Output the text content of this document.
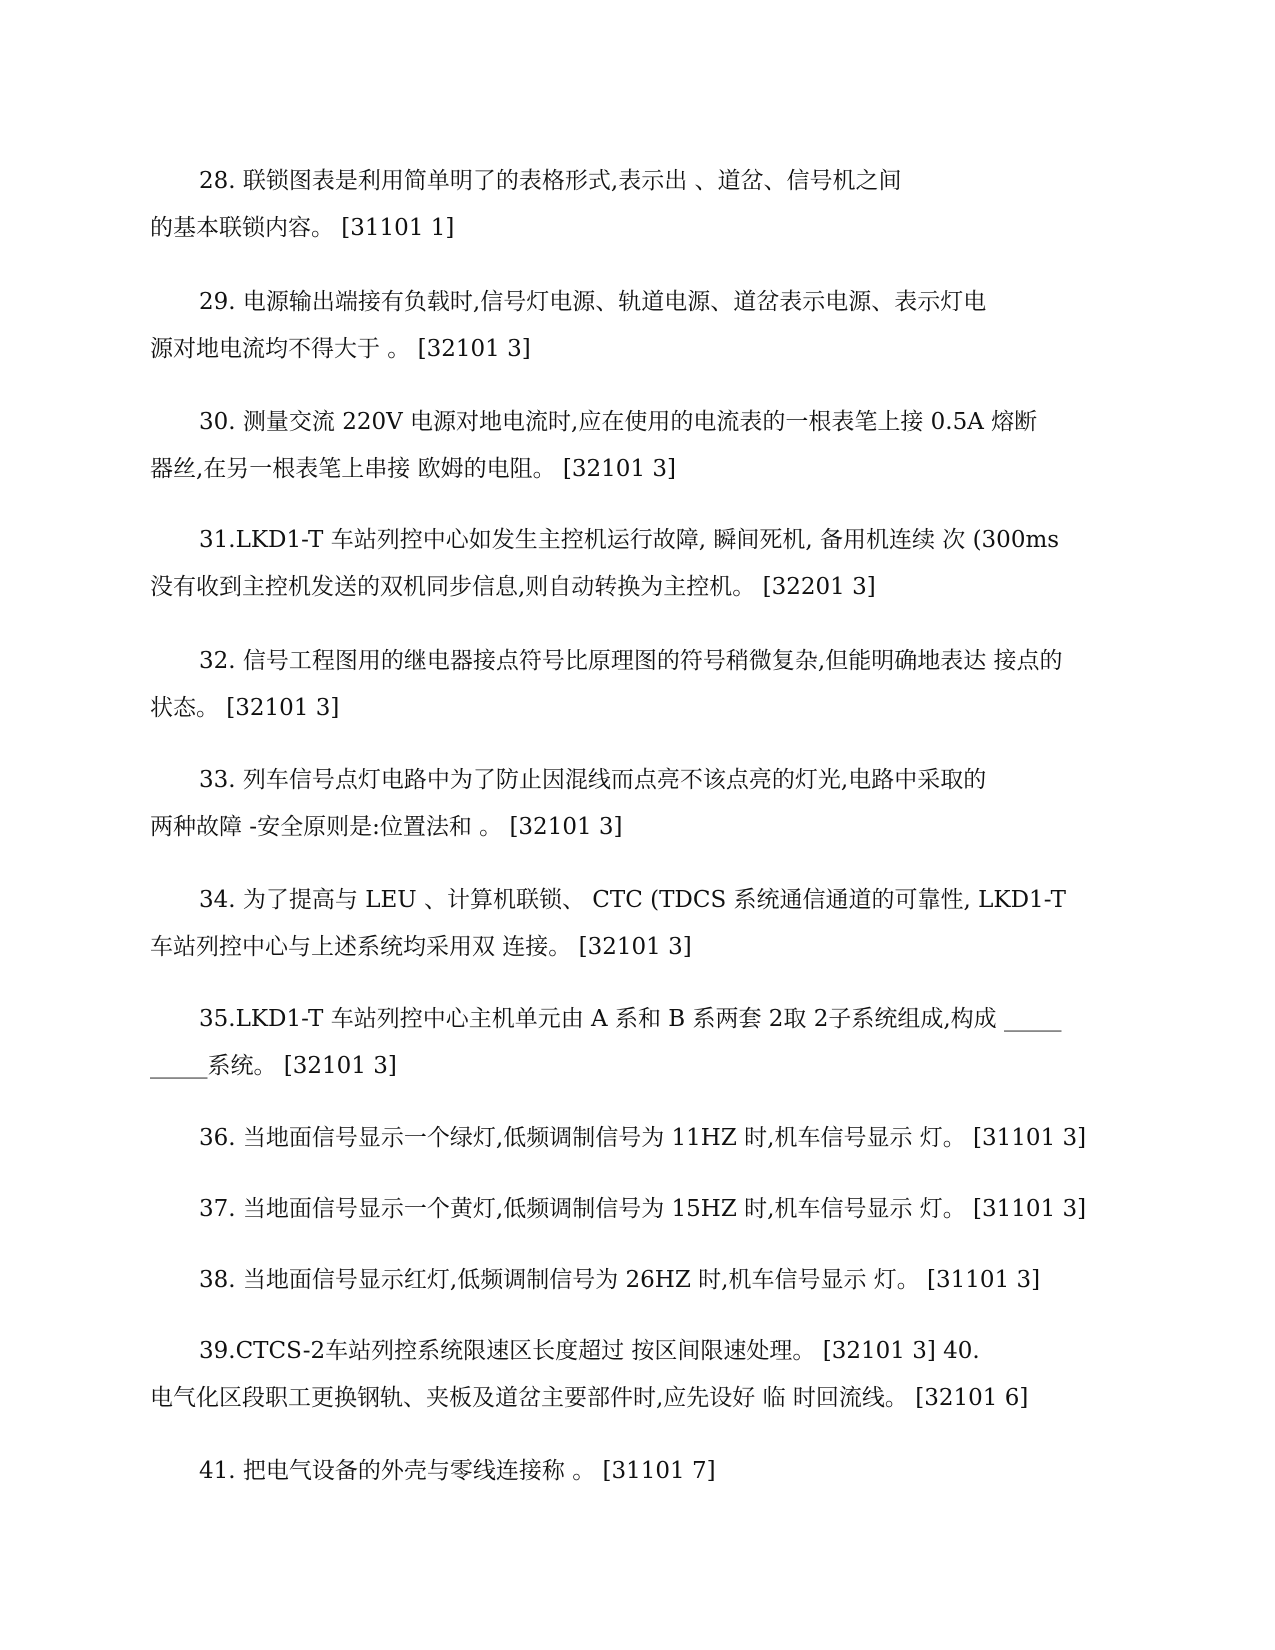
28. 联锁图表是利用简单明了的表格形式,表示出 、道岔、信号机之间
的基本联锁内容。 [31101 1]
29. 电源输出端接有负载时,信号灯电源、轨道电源、道岔表示电源、表示灯电
源对地电流均不得大于 。 [32101 3]
30. 测量交流 220V 电源对地电流时,应在使用的电流表的一根表笔上接 0.5A 熔断
器丝,在另一根表笔上串接 欧姆的电阻。 [32101 3]
31.LKD1-T 车站列控中心如发生主控机运行故障, 瞬间死机, 备用机连续 次 (300ms
没有收到主控机发送的双机同步信息,则自动转换为主控机。 [32201 3]
32. 信号工程图用的继电器接点符号比原理图的符号稍微复杂,但能明确地表达 接点的
状态。 [32101 3]
33. 列车信号点灯电路中为了防止因混线而点亮不该点亮的灯光,电路中采取的
两种故障 -安全原则是:位置法和 。 [32101 3]
34. 为了提高与 LEU 、计算机联锁、 CTC (TDCS 系统通信通道的可靠性, LKD1-T
车站列控中心与上述系统均采用双 连接。 [32101 3]
35.LKD1-T 车站列控中心主机单元由 A 系和 B 系两套 2取 2子系统组成,构成 _____
_____系统。 [32101 3]
36. 当地面信号显示一个绿灯,低频调制信号为 11HZ 时,机车信号显示 灯。 [31101 3]
37. 当地面信号显示一个黄灯,低频调制信号为 15HZ 时,机车信号显示 灯。 [31101 3]
38. 当地面信号显示红灯,低频调制信号为 26HZ 时,机车信号显示 灯。 [31101 3]
39.CTCS-2车站列控系统限速区长度超过 按区间限速处理。 [32101 3] 40.
电气化区段职工更换钢轨、夹板及道岔主要部件时,应先设好 临 时回流线。 [32101 6]
41. 把电气设备的外壳与零线连接称 。 [31101 7]
